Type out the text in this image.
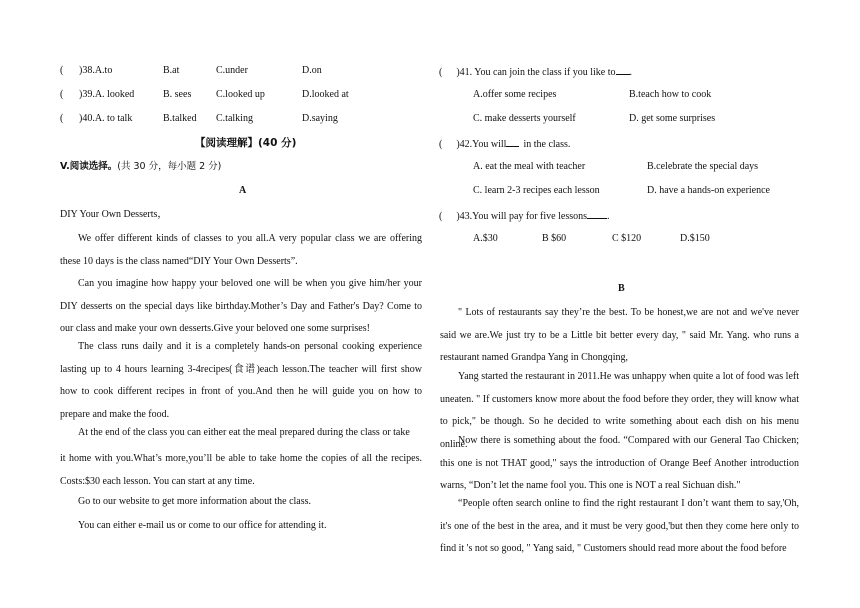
( )38.A.to	B.at	C.under	D.on
( )39.A. looked	B. sees C.looked up	D.looked at
( )40.A. to talk	B.talked C.talking	D.saying
【阅读理解】(40 分)
V.阅读选择。(共 30 分，每小题 2 分)
A
DIY Your Own Desserts，
We offer different kinds of classes to you all.A very popular class we are offering these 10 days is the class named“DIY Your Own Desserts”.
Can you imagine how happy your beloved one will be when you give him/her your DIY desserts on the special days like birthday.Mother’s Day and Father's Day? Come to our class and make your own desserts.Give your beloved one some surprises!
The class runs daily and it is a completely hands-on personal cooking experience lasting up to 4 hours learning 3-4recipes(食谱)each lesson.The teacher will first show how to cook different recipes in front of you.And then he will guide you on how to prepare and make the food.
At the end of the class you can either eat the meal prepared during the class or take
it home with you.What’s more,you’ll be able to take home the copies of all the recipes. Costs:$30 each lesson. You can start at any time.
Go to our website to get more information about the class.
You can either e-mail us or come to our office for attending it.
( )41. You can join the class if you like to .
A.offer some recipes	B.teach how to cook
C. make desserts yourself	D. get some surprises
( )42.You will in the class.
A. eat the meal with teacher	B.celebrate the special days
C. learn 2-3 recipes each lesson	D. have a hands-on experience
( )43.You will pay for five lessons .
A.$30	B $60	C $120	D.$150
B
" Lots of restaurants say they’re the best. To be honest,we are not and we've never said we are.We just try to be a Little bit better every day, " said Mr. Yang. who runs a restaurant named Grandpa Yang in Chongqing,
Yang started the restaurant in 2011.He was unhappy when quite a lot of food was left uneaten. " If customers know more about the food before they order, they will know what to pick," be though. So he decided to write something about each dish on his menu online.
Now there is something about the food. “Compared with our General Tao Chicken; this one is not THAT good," says the introduction of Orange Beef Another introduction warns, “Don’t let the name fool you. This one is NOT a real Sichuan dish."
“People often search online to find the right restaurant I don’t want them to say,'Oh, it's one of the best in the area, and it must be very good,'but then they come here only to find it 's not so good, " Yang said, " Customers should read more about the food before
